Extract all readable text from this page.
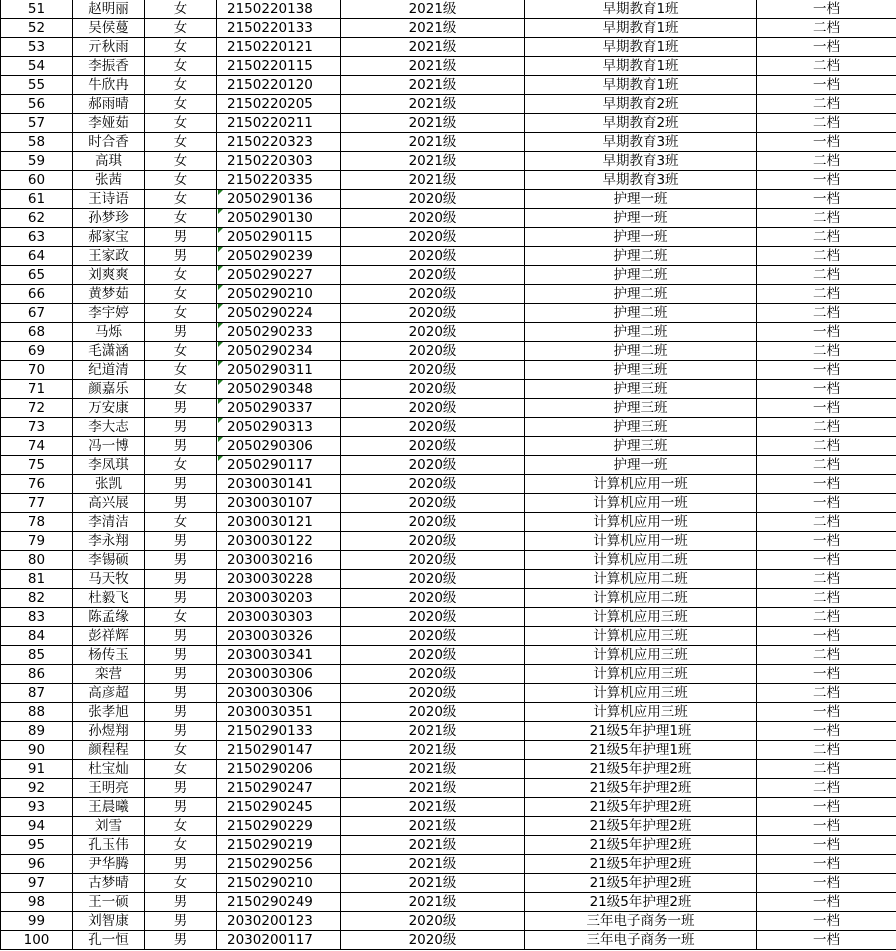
51	赵明丽	女	2150220138	2021级	早期教育1班	一档
52	吴侯蔓	女	2150220133	2021级	早期教育1班	二档
53	亓秋雨	女	2150220121	2021级	早期教育1班	一档
54	李振香	女	2150220115	2021级	早期教育1班	二档
55	牛欣冉	女	2150220120	2021级	早期教育1班	一档
56	郝雨晴	女	2150220205	2021级	早期教育2班	二档
57	李娅茹	女	2150220211	2021级	早期教育2班	二档
58	时合香	女	2150220323	2021级	早期教育3班	一档
59	高琪	女	2150220303	2021级	早期教育3班	二档
60	张茜	女	2150220335	2021级	早期教育3班	一档
61	王诗语	女	2050290136	2020级	护理一班	一档
62	孙梦珍	女	2050290130	2020级	护理一班	二档
63	郝家宝	男	2050290115	2020级	护理一班	二档
64	王家政	男	2050290239	2020级	护理二班	二档
65	刘爽爽	女	2050290227	2020级	护理二班	二档
66	黄梦茹	女	2050290210	2020级	护理二班	二档
67	李宇婷	女	2050290224	2020级	护理二班	二档
68	马烁	男	2050290233	2020级	护理二班	一档
69	毛潇涵	女	2050290234	2020级	护理二班	二档
70	纪道清	女	2050290311	2020级	护理三班	一档
71	颜嘉乐	女	2050290348	2020级	护理三班	一档
72	万安康	男	2050290337	2020级	护理三班	一档
73	李大志	男	2050290313	2020级	护理三班	二档
74	冯一博	男	2050290306	2020级	护理三班	二档
75	李凤琪	女	2050290117	2020级	护理一班	二档
76	张凯	男	2030030141	2020级	计算机应用一班	一档
77	高兴展	男	2030030107	2020级	计算机应用一班	一档
78	李清洁	女	2030030121	2020级	计算机应用一班	二档
79	李永翔	男	2030030122	2020级	计算机应用一班	一档
80	李锡硕	男	2030030216	2020级	计算机应用二班	一档
81	马天牧	男	2030030228	2020级	计算机应用二班	二档
82	杜毅飞	男	2030030203	2020级	计算机应用二班	二档
83	陈孟缘	女	2030030303	2020级	计算机应用三班	二档
84	彭祥辉	男	2030030326	2020级	计算机应用三班	一档
85	杨传玉	男	2030030341	2020级	计算机应用三班	二档
86	栾营	男	2030030306	2020级	计算机应用三班	一档
87	高彦超	男	2030030306	2020级	计算机应用三班	二档
88	张孝旭	男	2030030351	2020级	计算机应用三班	一档
89	孙煜翔	男	2150290133	2021级	21级5年护理1班	一档
90	颜程程	女	2150290147	2021级	21级5年护理1班	二档
91	杜宝灿	女	2150290206	2021级	21级5年护理2班	二档
92	王明亮	男	2150290247	2021级	21级5年护理2班	二档
93	王晨曦	男	2150290245	2021级	21级5年护理2班	一档
94	刘雪	女	2150290229	2021级	21级5年护理2班	一档
95	孔玉伟	女	2150290219	2021级	21级5年护理2班	一档
96	尹华腾	男	2150290256	2021级	21级5年护理2班	一档
97	古梦晴	女	2150290210	2021级	21级5年护理2班	一档
98	王一硕	男	2150290249	2021级	21级5年护理2班	一档
99	刘智康	男	2030200123	2020级	三年电子商务一班	一档
100	孔一恒	男	2030200117	2020级	三年电子商务一班	一档
